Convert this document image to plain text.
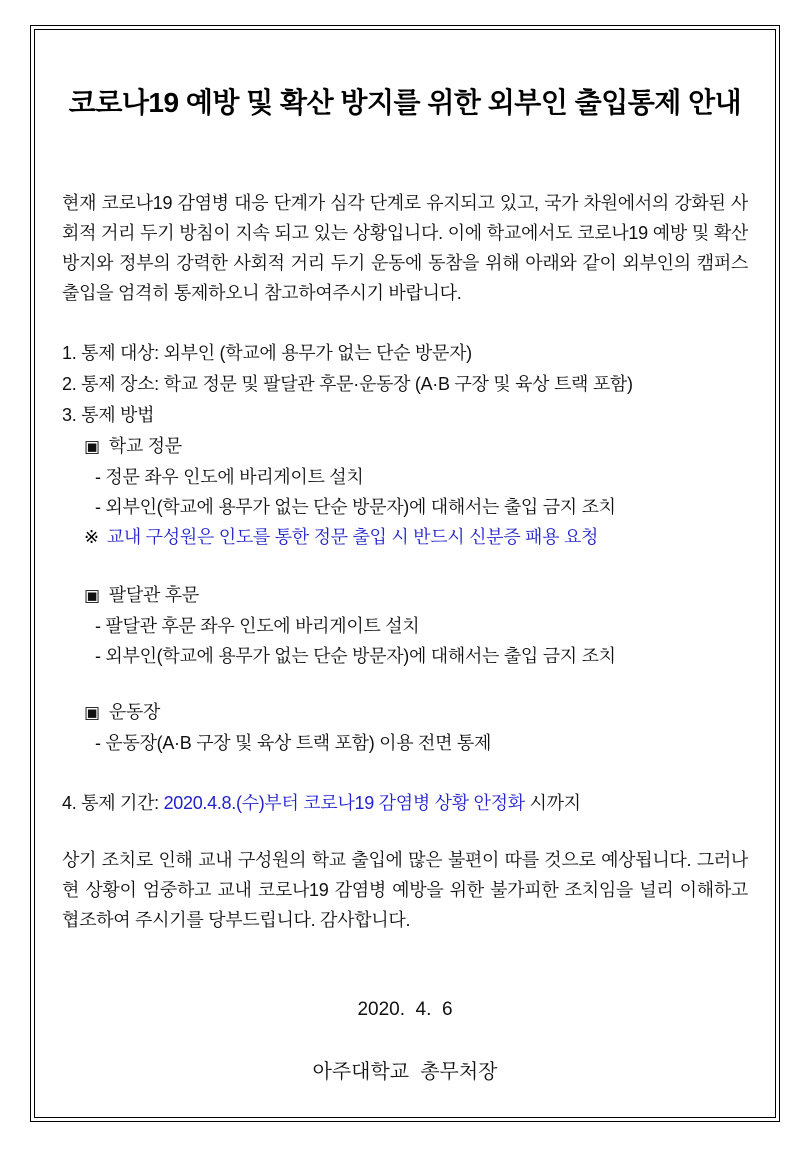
코로나19 예방 및 확산 방지를 위한 외부인 출입통제 안내
현재 코로나19 감염병 대응 단계가 심각 단계로 유지되고 있고, 국가 차원에서의 강화된 사회적 거리 두기 방침이 지속 되고 있는 상황입니다. 이에 학교에서도 코로나19 예방 및 확산 방지와 정부의 강력한 사회적 거리 두기 운동에 동참을 위해 아래와 같이 외부인의 캠퍼스 출입을 엄격히 통제하오니 참고하여주시기 바랍니다.
1. 통제 대상: 외부인 (학교에 용무가 없는 단순 방문자)
2. 통제 장소: 학교 정문 및 팔달관 후문·운동장 (A·B 구장 및 육상 트랙 포함)
3. 통제 방법
▣ 학교 정문
- 정문 좌우 인도에 바리게이트 설치
- 외부인(학교에 용무가 없는 단순 방문자)에 대해서는 출입 금지 조치
※ 교내 구성원은 인도를 통한 정문 출입 시 반드시 신분증 패용 요청
▣ 팔달관 후문
- 팔달관 후문 좌우 인도에 바리게이트 설치
- 외부인(학교에 용무가 없는 단순 방문자)에 대해서는 출입 금지 조치
▣ 운동장
- 운동장(A·B 구장 및 육상 트랙 포함) 이용 전면 통제
4. 통제 기간: 2020.4.8.(수)부터 코로나19 감염병 상황 안정화 시까지
상기 조치로 인해 교내 구성원의 학교 출입에 많은 불편이 따를 것으로 예상됩니다. 그러나 현 상황이 엄중하고 교내 코로나19 감염병 예방을 위한 불가피한 조치임을 널리 이해하고 협조하여 주시기를 당부드립니다. 감사합니다.
2020.  4.  6
아주대학교  총무처장
